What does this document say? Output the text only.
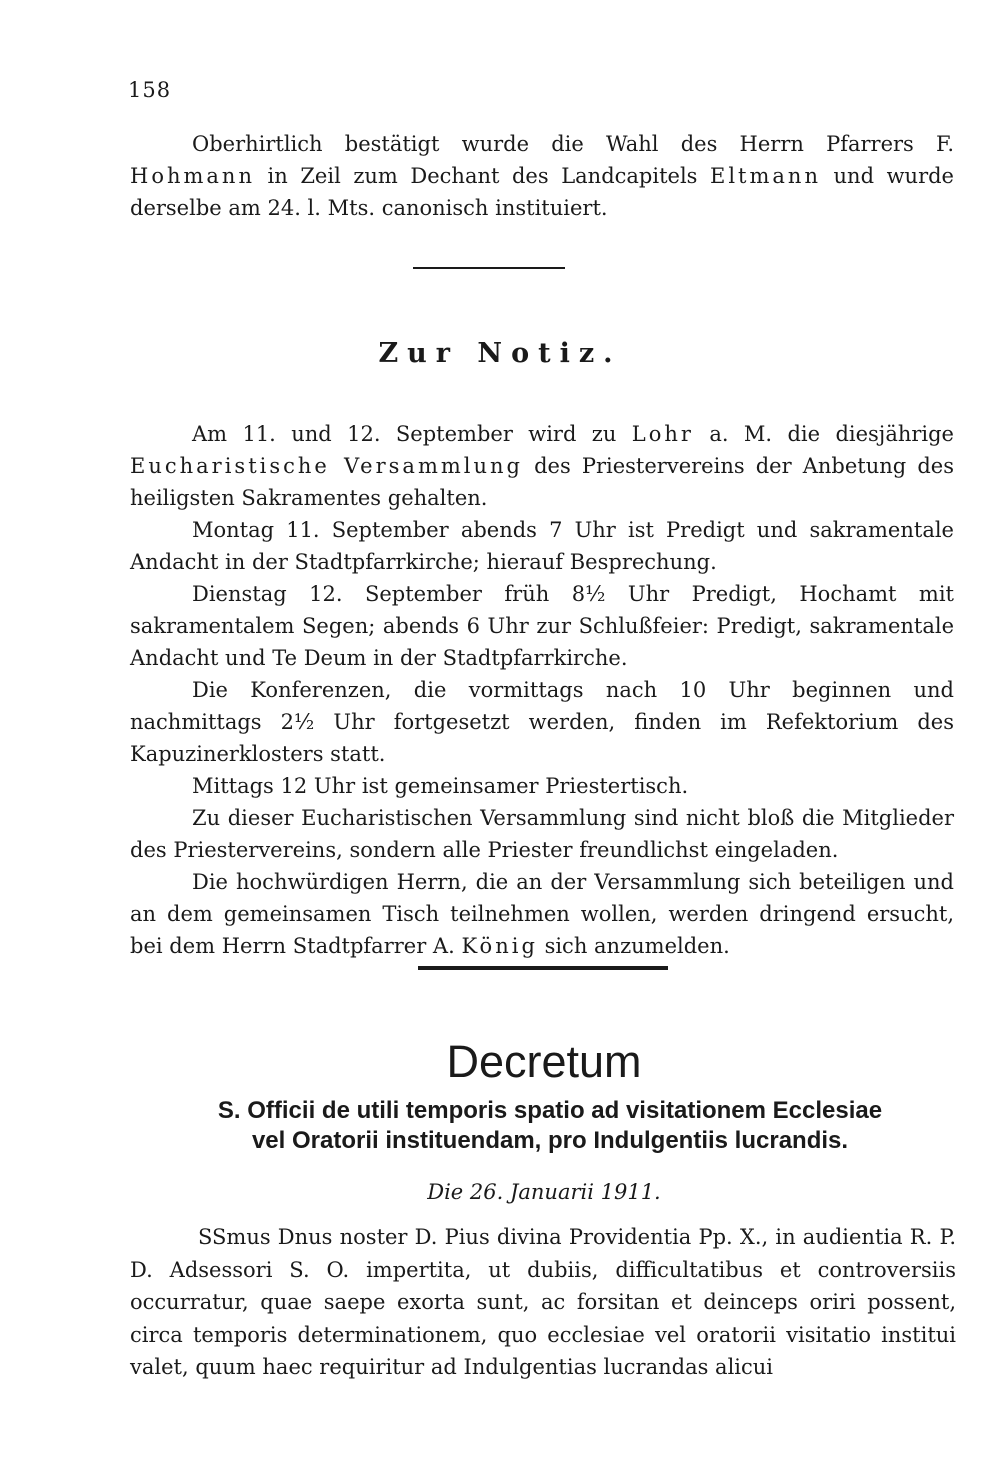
158

Oberhirtlich bestätigt wurde die Wahl des Herrn Pfarrers F. Hohmann in Zeil zum Dechant des Landcapitels Eltmann und wurde derselbe am 24. l. Mts. canonisch instituiert.

Zur Notiz.

Am 11. und 12. September wird zu Lohr a. M. die diesjährige Eucharistische Versammlung des Priestervereins der Anbetung des heiligsten Sakramentes gehalten.

Montag 11. September abends 7 Uhr ist Predigt und sakramentale Andacht in der Stadtpfarrkirche; hierauf Besprechung.

Dienstag 12. September früh 8½ Uhr Predigt, Hochamt mit sakramentalem Segen; abends 6 Uhr zur Schlußfeier: Predigt, sakramentale Andacht und Te Deum in der Stadtpfarrkirche.

Die Konferenzen, die vormittags nach 10 Uhr beginnen und nachmittags 2½ Uhr fortgesetzt werden, finden im Refektorium des Kapuzinerklosters statt.

Mittags 12 Uhr ist gemeinsamer Priestertisch.

Zu dieser Eucharistischen Versammlung sind nicht bloß die Mitglieder des Priestervereins, sondern alle Priester freundlichst eingeladen.

Die hochwürdigen Herrn, die an der Versammlung sich beteiligen und an dem gemeinsamen Tisch teilnehmen wollen, werden dringend ersucht, bei dem Herrn Stadtpfarrer A. König sich anzumelden.

Decretum
S. Officii de utili temporis spatio ad visitationem Ecclesiae
vel Oratorii instituendam, pro Indulgentiis lucrandis.
Die 26. Januarii 1911.

SSmus Dnus noster D. Pius divina Providentia Pp. X., in audientia R. P. D. Adsessori S. O. impertita, ut dubiis, difficultatibus et controversiis occurratur, quae saepe exorta sunt, ac forsitan et deinceps oriri possent, circa temporis determinationem, quo ecclesiae vel oratorii visitatio institui valet, quum haec requiritur ad Indulgentias lucrandas alicui
